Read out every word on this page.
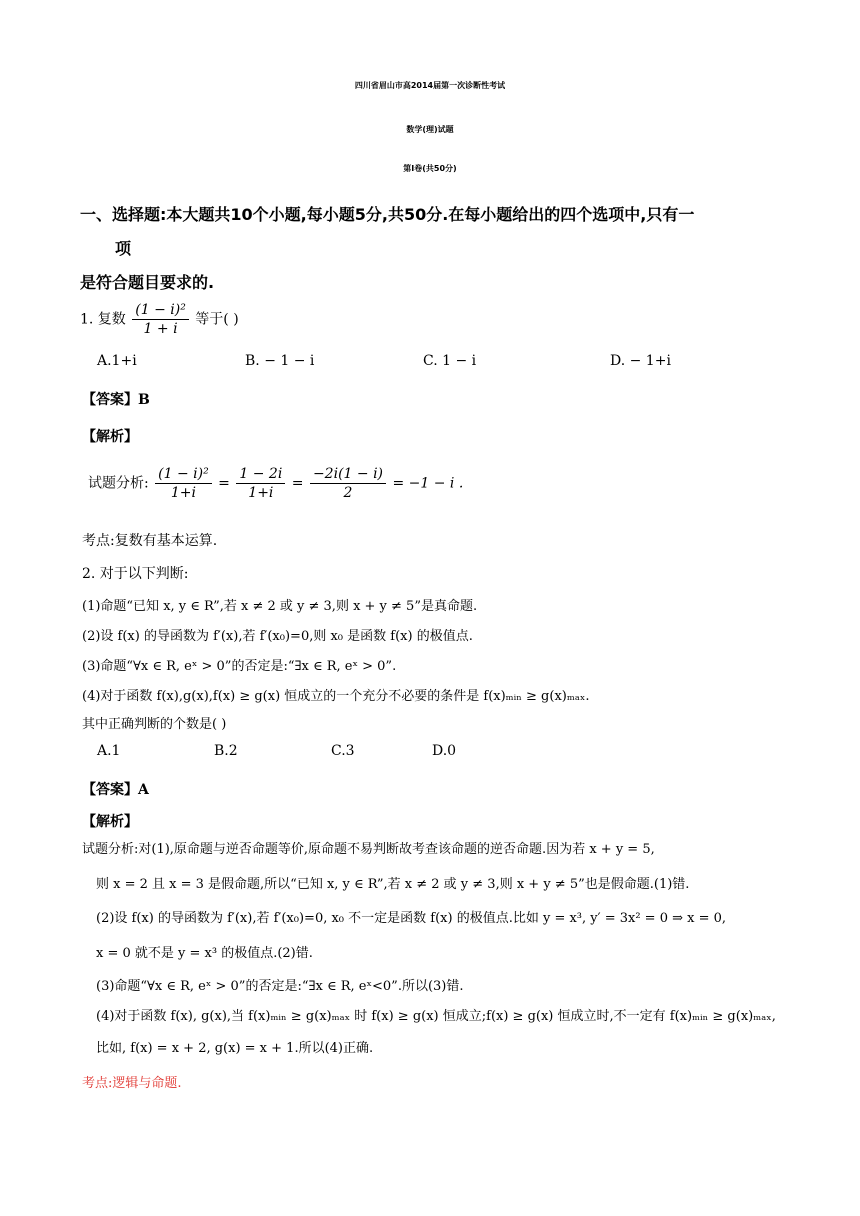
四川省眉山市高2014届第一次诊断性考试
数学(理)试题
第Ⅰ卷(共50分)
一、选择题:本大题共10个小题,每小题5分,共50分.在每小题给出的四个选项中,只有一
项
是符合题目要求的.
1. 复数 $\frac{\text{(1 − i)²}}{1 + i}$ 等于( )
A.1+i	B. − 1 − i	C. 1 − i	D. − 1+i
【答案】B
【解析】
试题分析: $\frac{\text{(1 − i)²}}{1+i} = \frac{1 - 2i}{1+i} = \frac{-2i(1 - i)}{2} = -1 - i$ .
考点:复数有基本运算.
2. 对于以下判断:
(1)命题“已知 x, y ∈ R”,若 x ≠ 2 或 y ≠ 3,则 x + y ≠ 5”是真命题.
(2)设 f(x) 的导函数为 f′(x),若 f′(x₀)=0,则 x₀ 是函数 f(x) 的极值点.
(3)命题“∀x ∈ R, eˣ > 0”的否定是:“∃x ∈ R, eˣ > 0”.
(4)对于函数 f(x),g(x),f(x) ≥ g(x) 恒成立的一个充分不必要的条件是 f(x)ₘᵢₙ ≥ g(x)ₘₐₓ.
其中正确判断的个数是( )
A.1	B.2	C.3	D.0
【答案】A
【解析】
试题分析:对(1),原命题与逆否命题等价,原命题不易判断故考查该命题的逆否命题.因为若 x + y = 5,
则 x = 2 且 x = 3 是假命题,所以“已知 x, y ∈ R”,若 x ≠ 2 或 y ≠ 3,则 x + y ≠ 5”也是假命题.(1)错.
(2)设 f(x) 的导函数为 f′(x),若 f′(x₀)=0, x₀ 不一定是函数 f(x) 的极值点.比如 y = x³, y′ = 3x² = 0 ⇒ x = 0,
x = 0 就不是 y = x³ 的极值点.(2)错.
(3)命题“∀x ∈ R, eˣ > 0”的否定是:“∃x ∈ R, eˣ<0”.所以(3)错.
(4)对于函数 f(x), g(x),当 f(x)ₘᵢₙ ≥ g(x)ₘₐₓ 时 f(x) ≥ g(x) 恒成立;f(x) ≥ g(x) 恒成立时,不一定有 f(x)ₘᵢₙ ≥ g(x)ₘₐₓ,
比如, f(x) = x + 2, g(x) = x + 1.所以(4)正确.
考点:逻辑与命题.
